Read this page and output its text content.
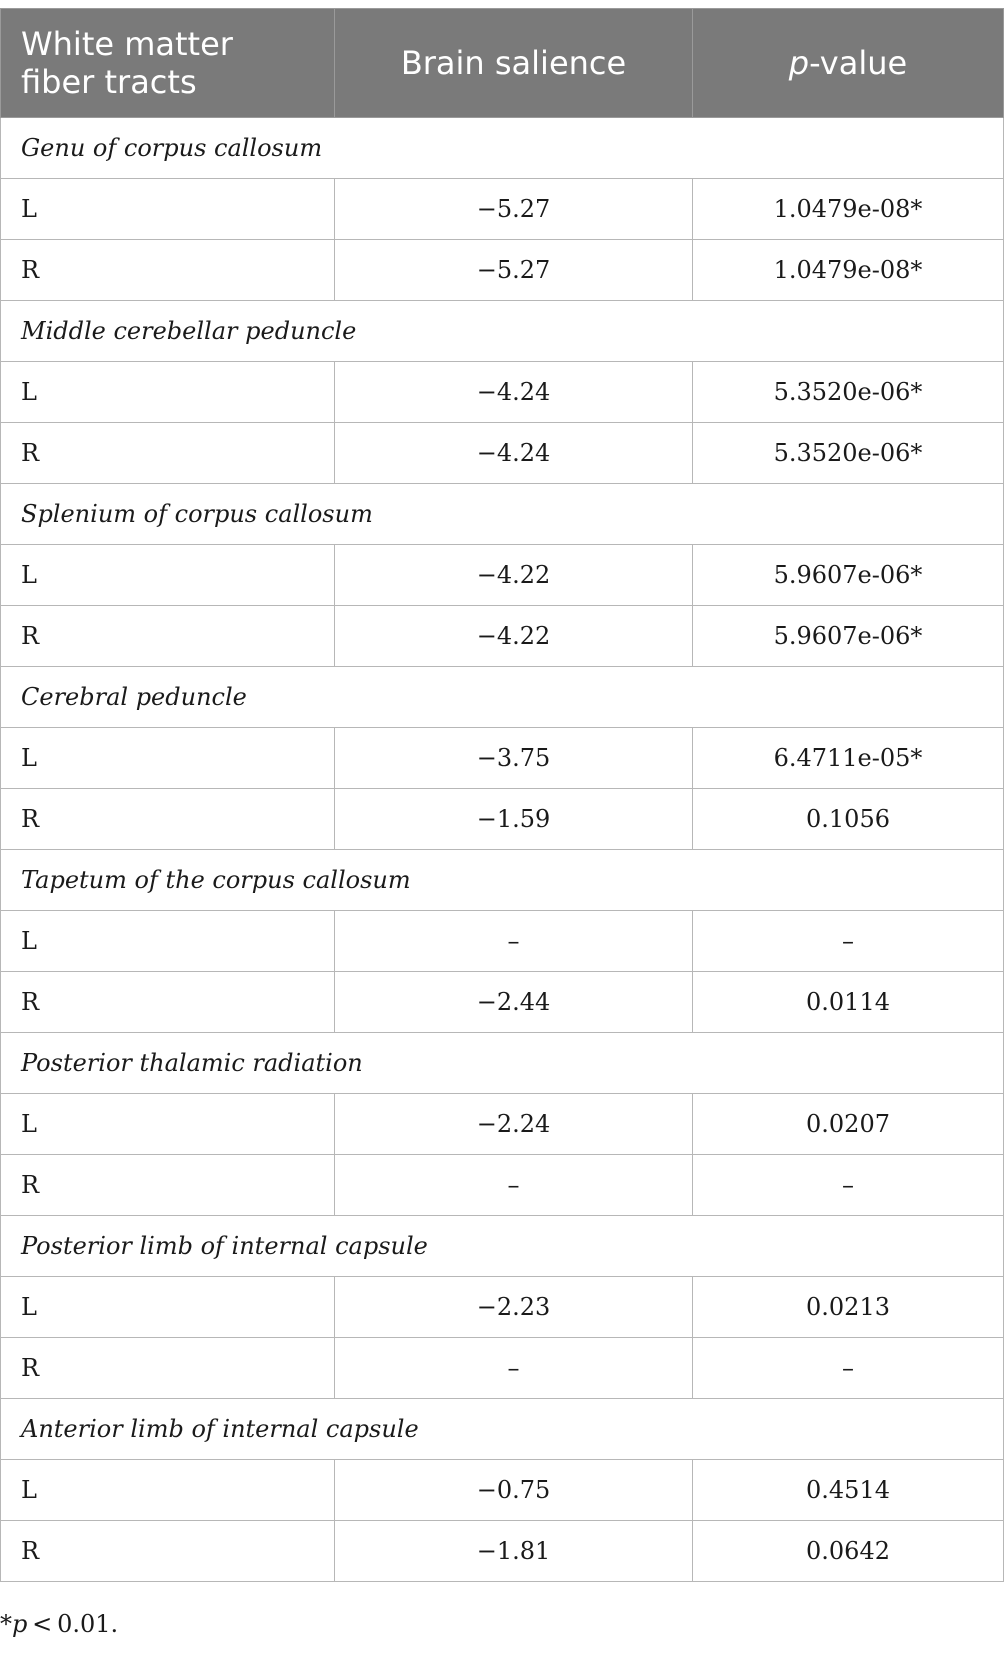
White matter fiber tracts	Brain salience	p-value
Genu of corpus callosum		
L	−5.27	1.0479e-08*
R	−5.27	1.0479e-08*
Middle cerebellar peduncle		
L	−4.24	5.3520e-06*
R	−4.24	5.3520e-06*
Splenium of corpus callosum		
L	−4.22	5.9607e-06*
R	−4.22	5.9607e-06*
Cerebral peduncle		
L	−3.75	6.4711e-05*
R	−1.59	0.1056
Tapetum of the corpus callosum		
L	–	–
R	−2.44	0.0114
Posterior thalamic radiation		
L	−2.24	0.0207
R	–	–
Posterior limb of internal capsule		
L	−2.23	0.0213
R	–	–
Anterior limb of internal capsule		
L	−0.75	0.4514
R	−1.81	0.0642
*p < 0.01.
